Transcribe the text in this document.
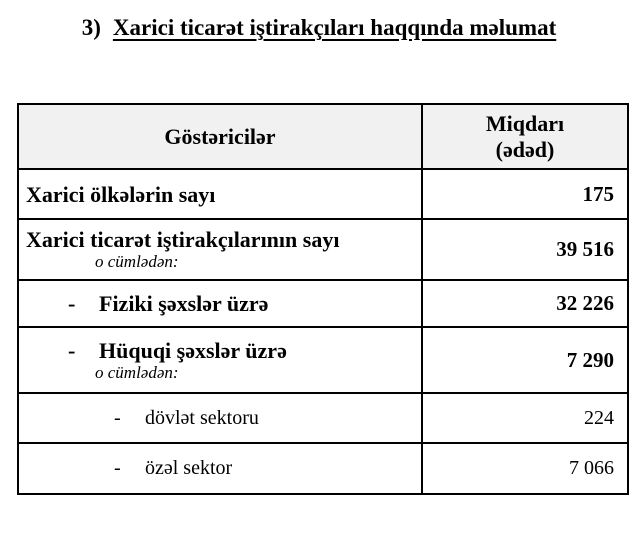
3) Xarici ticarət iştirakçıları haqqında məlumat
Göstəricilər	Miqdarı
(ədəd)

Xarici ölkələrin sayı	175

Xarici ticarət iştirakçılarının sayı
o cümlədən:	39 516

- Fiziki şəxslər üzrə	32 226

- Hüquqi şəxslər üzrə
o cümlədən:	7 290

- dövlət sektoru	224

- özəl sektor	7 066
